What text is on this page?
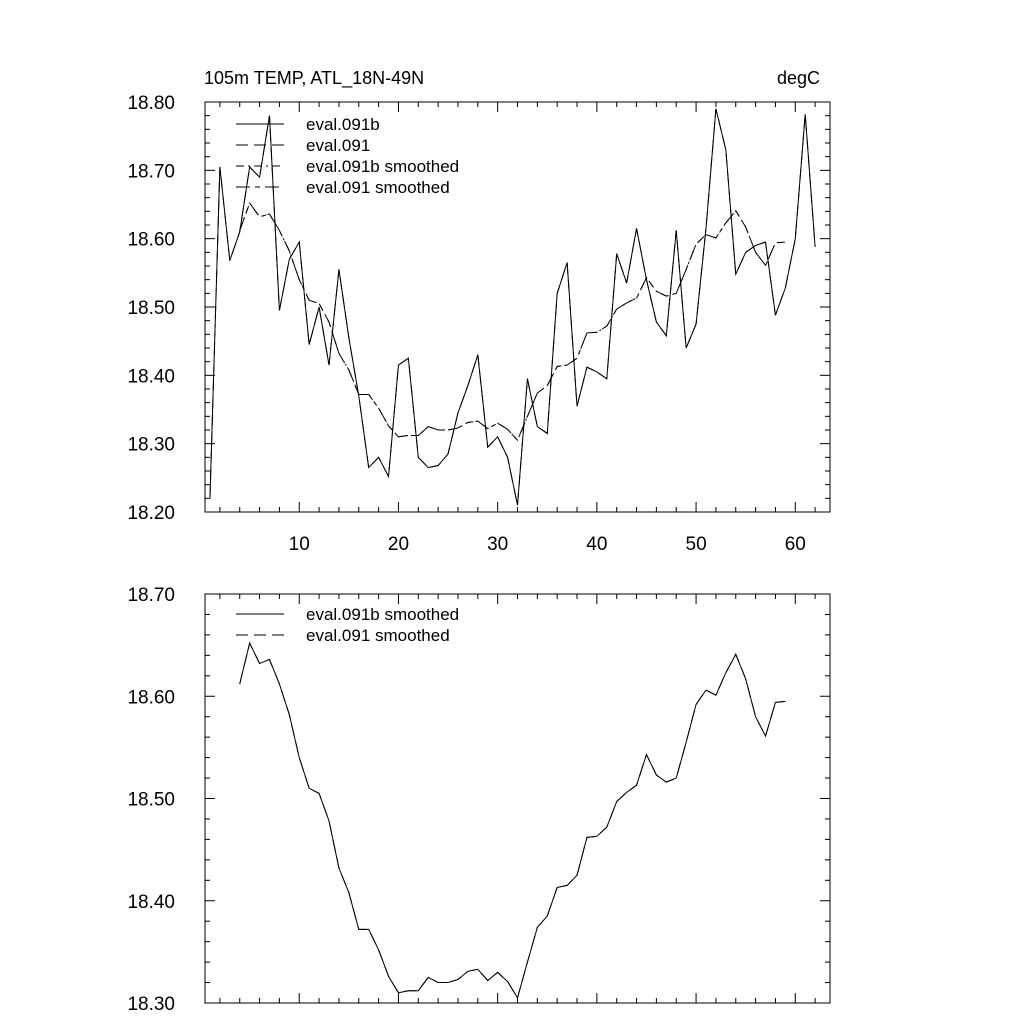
105m TEMP, ATL_18N-49N	degC
10	20	30	40	50	60
18.20
18.30
18.40
18.50
18.60
18.70
18.80
eval.091b
eval.091
eval.091b smoothed
eval.091 smoothed
18.30
18.40
18.50
18.60
18.70
eval.091b smoothed
eval.091 smoothed
